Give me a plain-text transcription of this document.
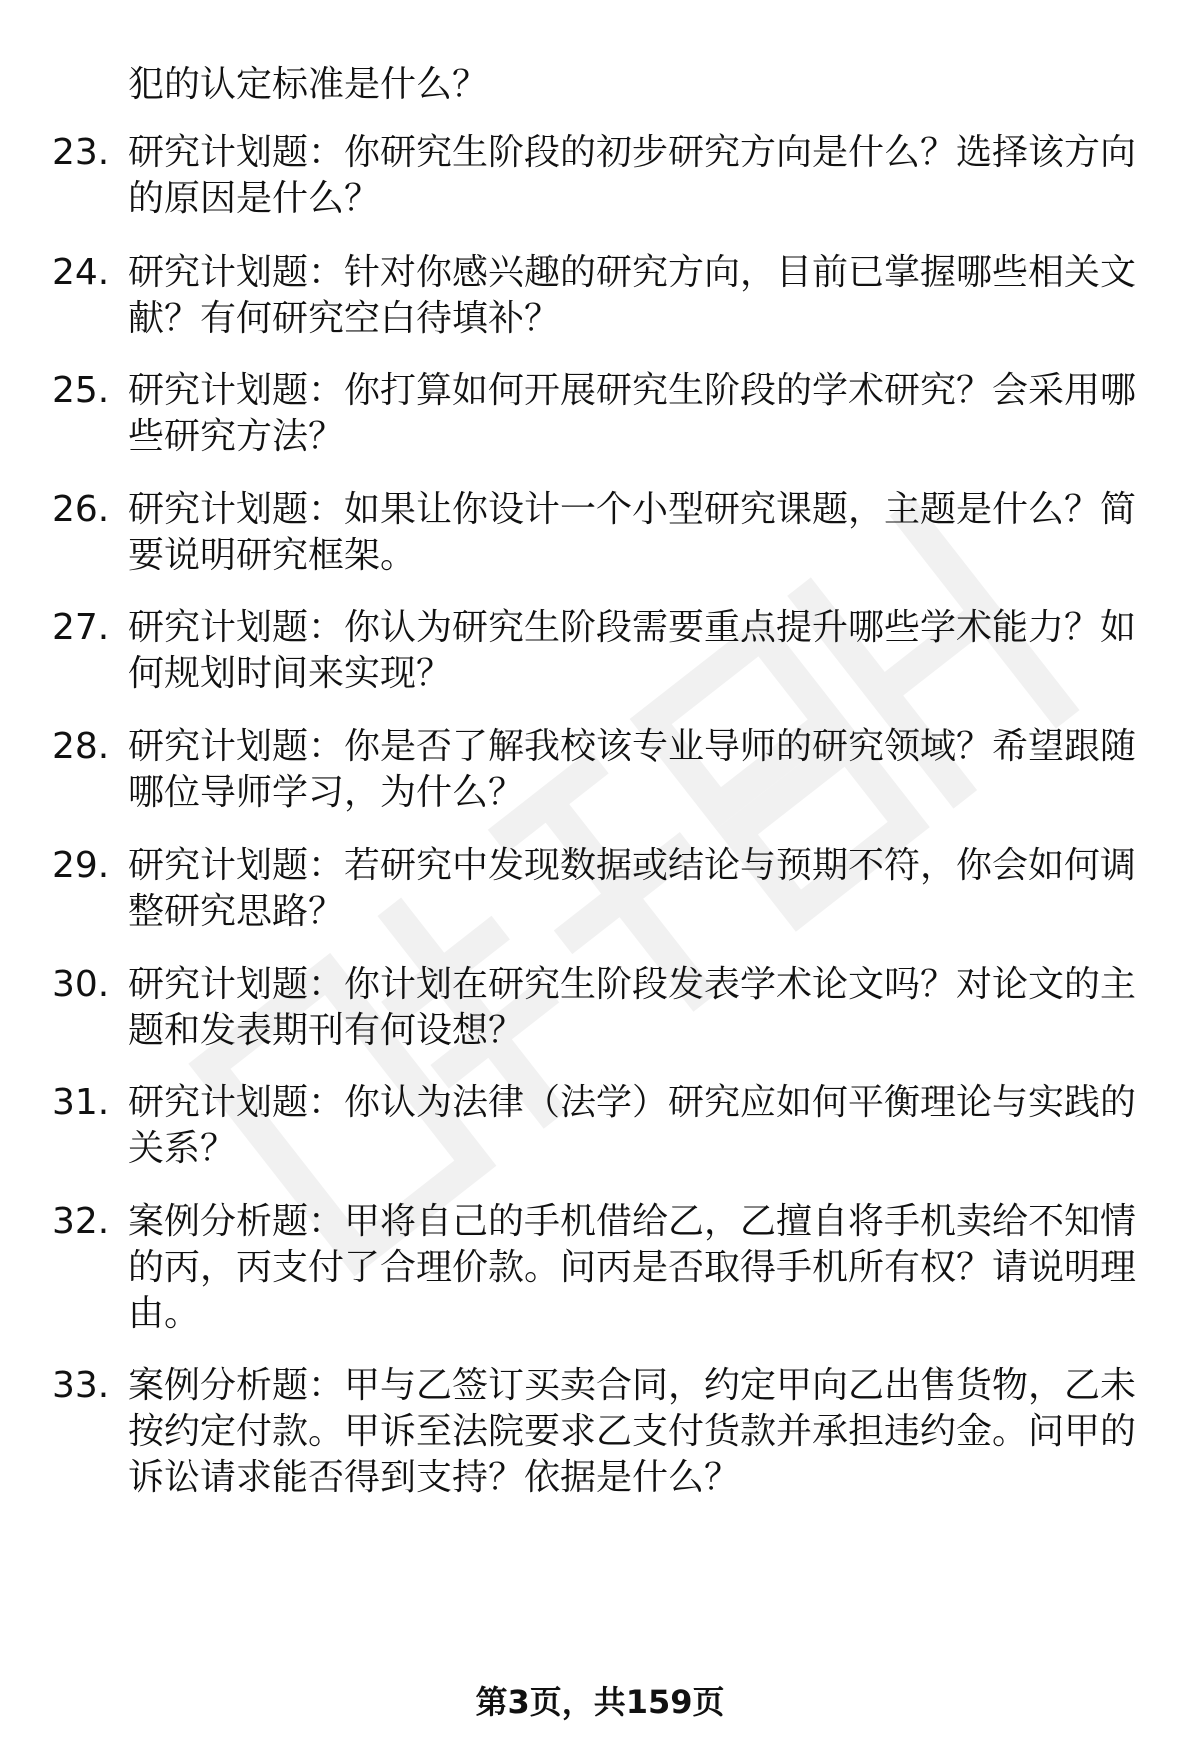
犯的认定标准是什么？
23. 研究计划题：你研究生阶段的初步研究方向是什么？选择该方向
的原因是什么？
24. 研究计划题：针对你感兴趣的研究方向，目前已掌握哪些相关文
献？有何研究空白待填补？
25. 研究计划题：你打算如何开展研究生阶段的学术研究？会采用哪
些研究方法？
26. 研究计划题：如果让你设计一个小型研究课题，主题是什么？简
要说明研究框架。
27. 研究计划题：你认为研究生阶段需要重点提升哪些学术能力？如
何规划时间来实现？
28. 研究计划题：你是否了解我校该专业导师的研究领域？希望跟随
哪位导师学习，为什么？
29. 研究计划题：若研究中发现数据或结论与预期不符，你会如何调
整研究思路？
30. 研究计划题：你计划在研究生阶段发表学术论文吗？对论文的主
题和发表期刊有何设想？
31. 研究计划题：你认为法律（法学）研究应如何平衡理论与实践的
关系？
32. 案例分析题：甲将自己的手机借给乙，乙擅自将手机卖给不知情
的丙，丙支付了合理价款。问丙是否取得手机所有权？请说明理
由。
33. 案例分析题：甲与乙签订买卖合同，约定甲向乙出售货物，乙未
按约定付款。甲诉至法院要求乙支付货款并承担违约金。问甲的
诉讼请求能否得到支持？依据是什么？
第3页，共159页
